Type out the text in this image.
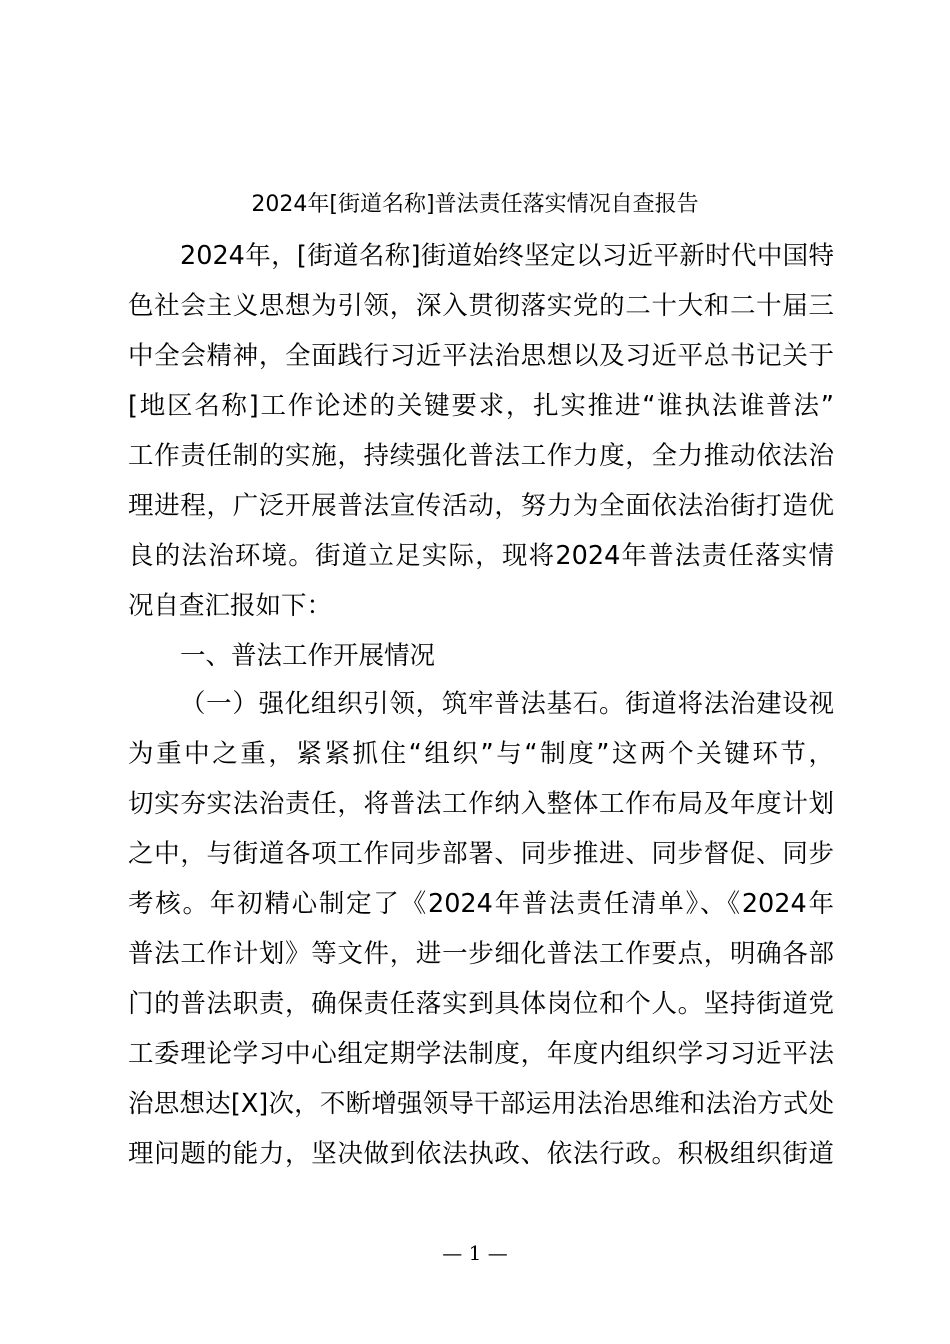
2024年[街道名称]普法责任落实情况自查报告

2024年，[街道名称]街道始终坚定以习近平新时代中国特
色社会主义思想为引领，深入贯彻落实党的二十大和二十届三
中全会精神，全面践行习近平法治思想以及习近平总书记关于
[地区名称]工作论述的关键要求，扎实推进“谁执法谁普法”
工作责任制的实施，持续强化普法工作力度，全力推动依法治
理进程，广泛开展普法宣传活动，努力为全面依法治街打造优
良的法治环境。街道立足实际，现将2024年普法责任落实情
况自查汇报如下：

一、普法工作开展情况

（一）强化组织引领，筑牢普法基石。街道将法治建设视
为重中之重，紧紧抓住“组织”与“制度”这两个关键环节，
切实夯实法治责任，将普法工作纳入整体工作布局及年度计划
之中，与街道各项工作同步部署、同步推进、同步督促、同步
考核。年初精心制定了《2024年普法责任清单》、《2024年
普法工作计划》等文件，进一步细化普法工作要点，明确各部
门的普法职责，确保责任落实到具体岗位和个人。坚持街道党
工委理论学习中心组定期学法制度，年度内组织学习习近平法
治思想达[X]次，不断增强领导干部运用法治思维和法治方式处
理问题的能力，坚决做到依法执政、依法行政。积极组织街道

— 1 —
